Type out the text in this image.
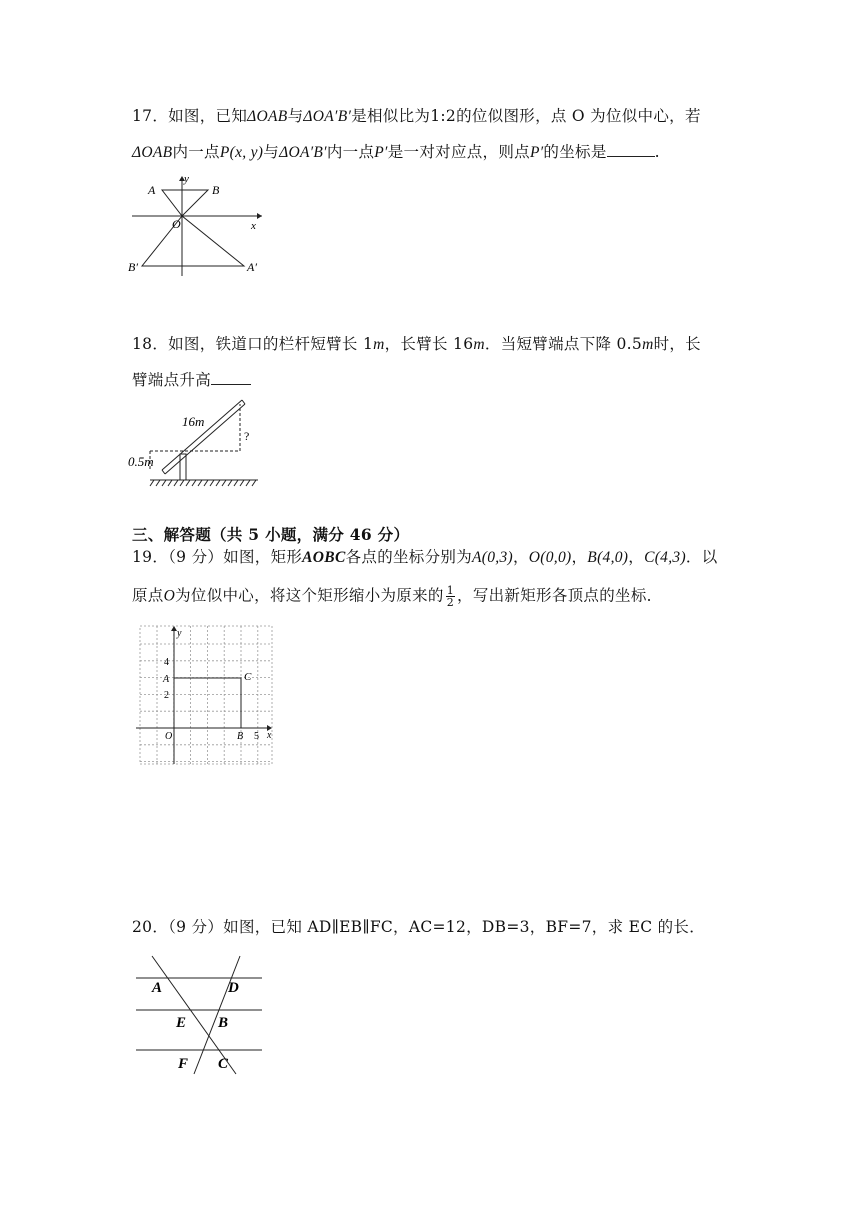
17．如图，已知ΔOAB与ΔOA′B′是相似比为1:2的位似图形，点 O 为位似中心，若
ΔOAB内一点P(x, y)与ΔOA′B′内一点P′是一对对应点，则点P′的坐标是	.
A	B
O	x
y
B′	A′
18．如图，铁道口的栏杆短臂长 1m，长臂长 16m．当短臂端点下降 0.5m时，长
臂端点升高
16m
0.5m
?
三、解答题（共 5 小题，满分 46 分）
19．（9 分）如图，矩形AOBC各点的坐标分别为A(0,3)，O(0,0)，B(4,0)，C(4,3)．以
原点O为位似中心，将这个矩形缩小为原来的 $\frac{1}{2}$ ，写出新矩形各顶点的坐标．
y
x
4
A
2
O	B 5
C
20．（9 分）如图，已知 AD∥EB∥FC，AC=12，DB=3，BF=7，求 EC 的长．
A	D
E B
F C
